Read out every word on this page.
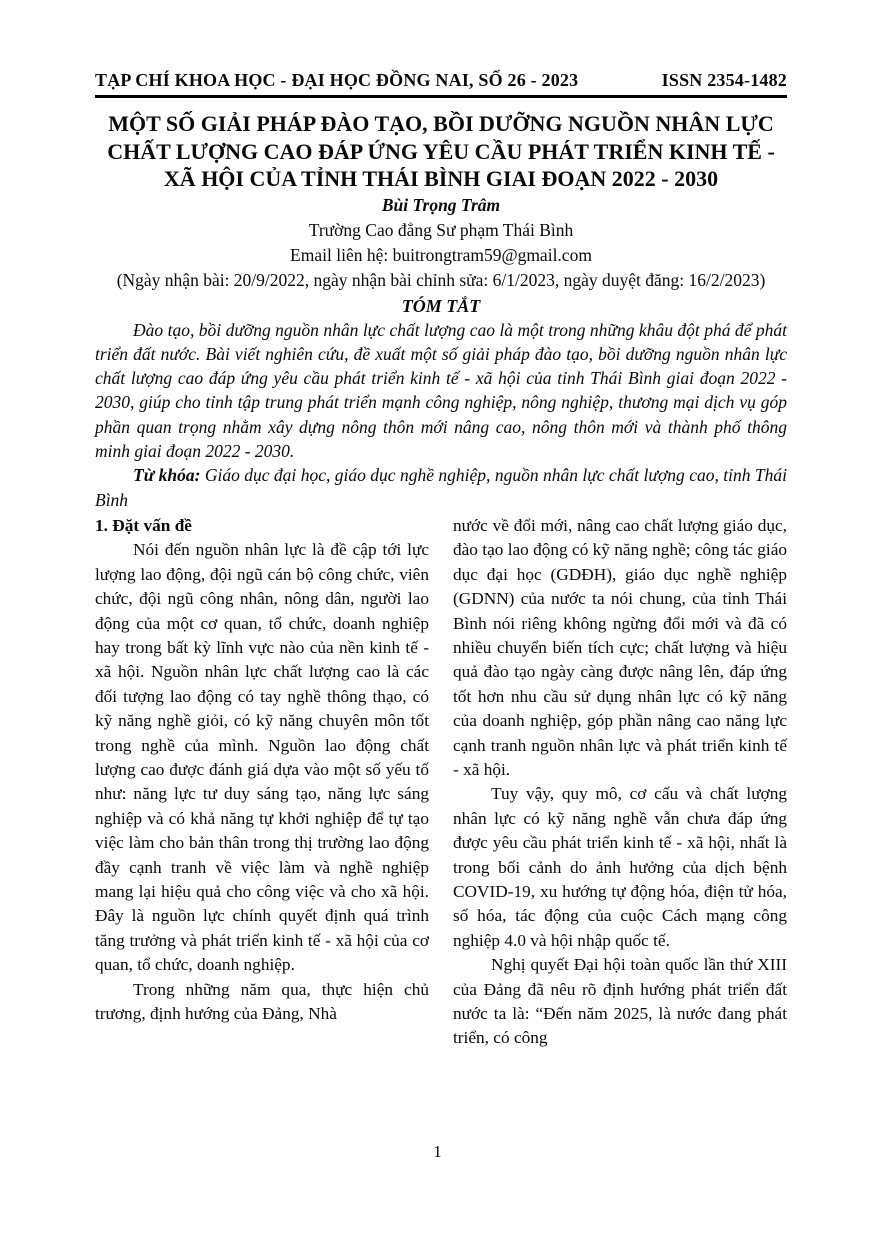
TẠP CHÍ KHOA HỌC - ĐẠI HỌC ĐỒNG NAI, SỐ 26 - 2023	ISSN 2354-1482
MỘT SỐ GIẢI PHÁP ĐÀO TẠO, BỒI DƯỠNG NGUỒN NHÂN LỰC
CHẤT LƯỢNG CAO ĐÁP ỨNG YÊU CẦU PHÁT TRIỂN KINH TẾ -
XÃ HỘI CỦA TỈNH THÁI BÌNH GIAI ĐOẠN 2022 - 2030
Bùi Trọng Trâm
Trường Cao đẳng Sư phạm Thái Bình
Email liên hệ: buitrongtram59@gmail.com
(Ngày nhận bài: 20/9/2022, ngày nhận bài chỉnh sửa: 6/1/2023, ngày duyệt đăng: 16/2/2023)
TÓM TẮT

Đào tạo, bồi dưỡng nguồn nhân lực chất lượng cao là một trong những khâu đột phá để phát triển đất nước. Bài viết nghiên cứu, đề xuất một số giải pháp đào tạo, bồi dưỡng nguồn nhân lực chất lượng cao đáp ứng yêu cầu phát triển kinh tế - xã hội của tỉnh Thái Bình giai đoạn 2022 - 2030, giúp cho tỉnh tập trung phát triển mạnh công nghiệp, nông nghiệp, thương mại dịch vụ góp phần quan trọng nhằm xây dựng nông thôn mới nâng cao, nông thôn mới và thành phố thông minh giai đoạn 2022 - 2030.

Từ khóa: Giáo dục đại học, giáo dục nghề nghiệp, nguồn nhân lực chất lượng cao, tỉnh Thái Bình

1. Đặt vấn đề

Nói đến nguồn nhân lực là đề cập tới lực lượng lao động, đội ngũ cán bộ công chức, viên chức, đội ngũ công nhân, nông dân, người lao động của một cơ quan, tổ chức, doanh nghiệp hay trong bất kỳ lĩnh vực nào của nền kinh tế - xã hội. Nguồn nhân lực chất lượng cao là các đối tượng lao động có tay nghề thông thạo, có kỹ năng nghề giỏi, có kỹ năng chuyên môn tốt trong nghề của mình. Nguồn lao động chất lượng cao được đánh giá dựa vào một số yếu tố như: năng lực tư duy sáng tạo, năng lực sáng nghiệp và có khả năng tự khởi nghiệp để tự tạo việc làm cho bản thân trong thị trường lao động đầy cạnh tranh về việc làm và nghề nghiệp mang lại hiệu quả cho công việc và cho xã hội. Đây là nguồn lực chính quyết định quá trình tăng trưởng và phát triển kinh tế - xã hội của cơ quan, tổ chức, doanh nghiệp.

Trong những năm qua, thực hiện chủ trương, định hướng của Đảng, Nhà

nước về đổi mới, nâng cao chất lượng giáo dục, đào tạo lao động có kỹ năng nghề; công tác giáo dục đại học (GDĐH), giáo dục nghề nghiệp (GDNN) của nước ta nói chung, của tỉnh Thái Bình nói riêng không ngừng đổi mới và đã có nhiều chuyển biến tích cực; chất lượng và hiệu quả đào tạo ngày càng được nâng lên, đáp ứng tốt hơn nhu cầu sử dụng nhân lực có kỹ năng của doanh nghiệp, góp phần nâng cao năng lực cạnh tranh nguồn nhân lực và phát triển kinh tế - xã hội.

Tuy vậy, quy mô, cơ cấu và chất lượng nhân lực có kỹ năng nghề vẫn chưa đáp ứng được yêu cầu phát triển kinh tế - xã hội, nhất là trong bối cảnh do ảnh hưởng của dịch bệnh COVID-19, xu hướng tự động hóa, điện tử hóa, số hóa, tác động của cuộc Cách mạng công nghiệp 4.0 và hội nhập quốc tế.

Nghị quyết Đại hội toàn quốc lần thứ XIII của Đảng đã nêu rõ định hướng phát triển đất nước ta là: “Đến năm 2025, là nước đang phát triển, có công

1
